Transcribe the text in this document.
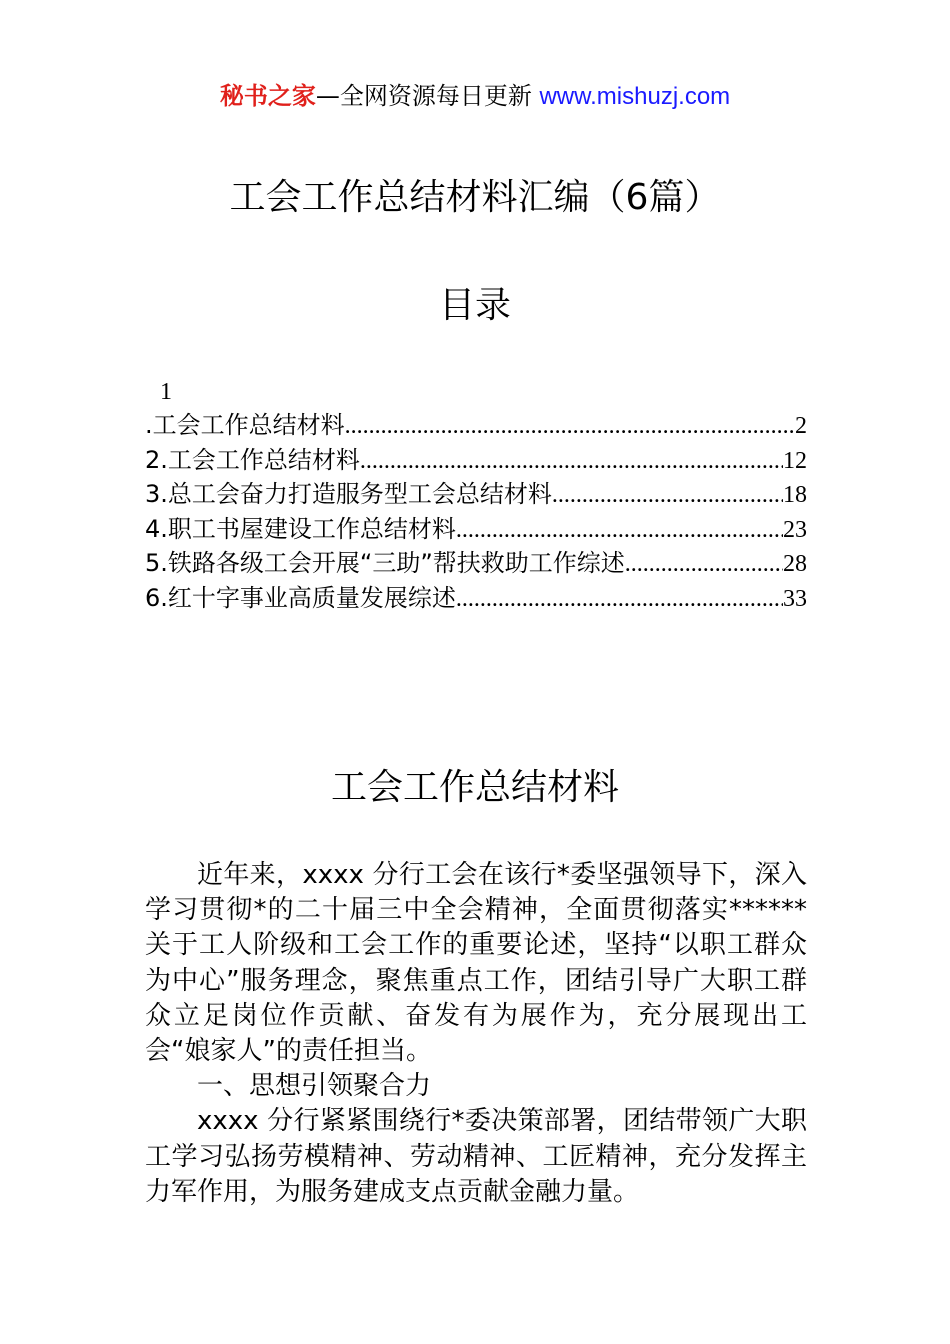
秘书之家—全网资源每日更新 www.mishuzj.com
工会工作总结材料汇编（6篇）
目录
1
.工会工作总结材料 .....	2
2.工会工作总结材料 .....	12
3.总工会奋力打造服务型工会总结材料 .....	18
4.职工书屋建设工作总结材料 .....	23
5.铁路各级工会开展“三助”帮扶救助工作综述 .....	28
6.红十字事业高质量发展综述 .....	33
工会工作总结材料

近年来，xxxx 分行工会在该行*委坚强领导下，深入学习贯彻*的二十届三中全会精神，全面贯彻落实******关于工人阶级和工会工作的重要论述，坚持“以职工群众为中心”服务理念，聚焦重点工作，团结引导广大职工群众立足岗位作贡献、奋发有为展作为，充分展现出工会“娘家人”的责任担当。

一、思想引领聚合力

xxxx 分行紧紧围绕行*委决策部署，团结带领广大职工学习弘扬劳模精神、劳动精神、工匠精神，充分发挥主力军作用，为服务建成支点贡献金融力量。
